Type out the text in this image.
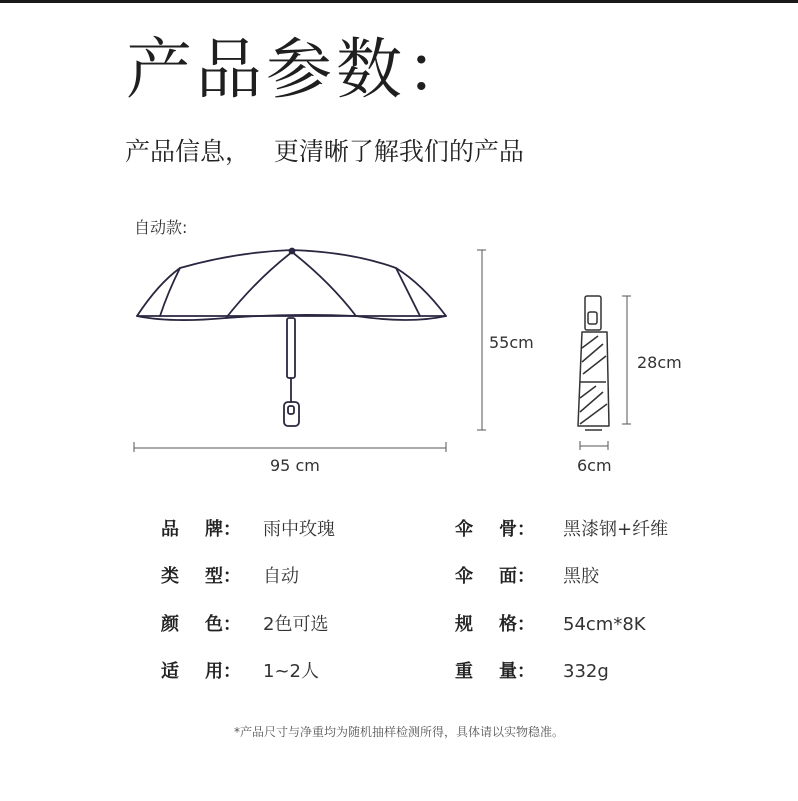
产品参数：
产品信息，   更清晰了解我们的产品
自动款:
55cm
95 cm
28cm
6cm
品 牌： 雨中玫瑰
类 型： 自动
颜 色： 2色可选
适 用： 1~2人
伞 骨： 黑漆钢+纤维
伞 面： 黑胶
规 格： 54cm*8K
重 量： 332g
*产品尺寸与净重均为随机抽样检测所得，具体请以实物稳准。
